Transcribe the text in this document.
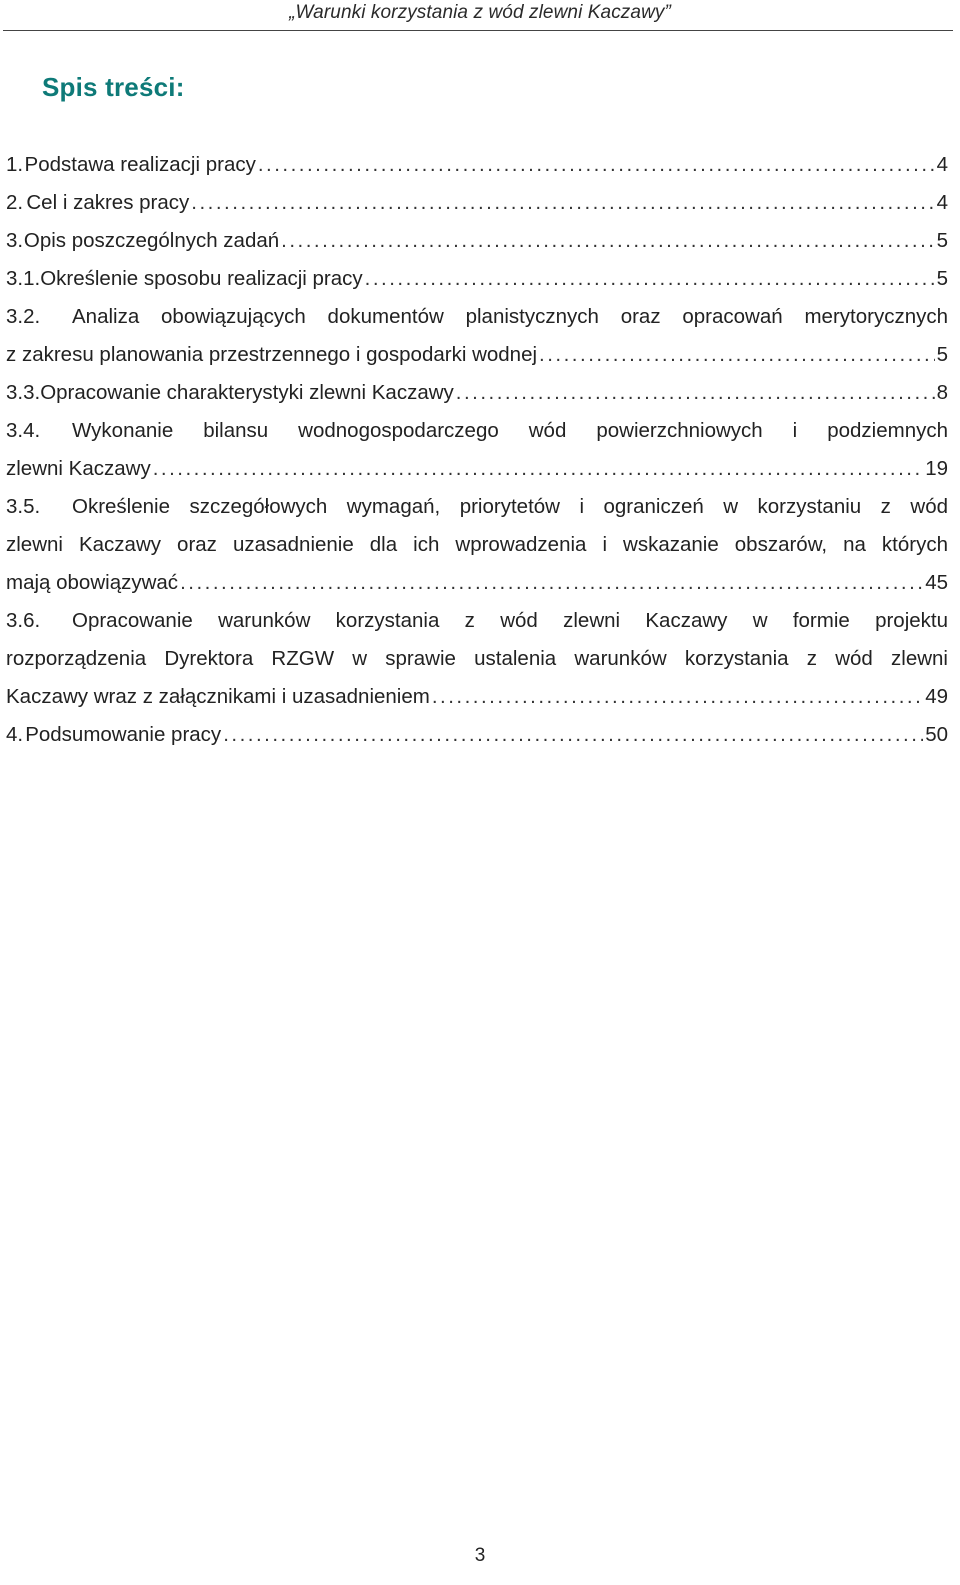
„Warunki korzystania z wód zlewni Kaczawy”
Spis treści:
1. Podstawa realizacji pracy . . .	4
2. Cel i zakres pracy . . .	4
3. Opis poszczególnych zadań . . .	5
3.1. Określenie sposobu realizacji pracy . . .	5
3.2. Analiza obowiązujących dokumentów planistycznych oraz opracowań merytorycznych
z zakresu planowania przestrzennego i gospodarki wodnej . . .	5
3.3. Opracowanie charakterystyki zlewni Kaczawy . . .	8
3.4. Wykonanie bilansu wodnogospodarczego wód powierzchniowych i podziemnych
zlewni Kaczawy . . .	19
3.5. Określenie szczegółowych wymagań, priorytetów i ograniczeń w korzystaniu z wód
zlewni Kaczawy oraz uzasadnienie dla ich wprowadzenia i wskazanie obszarów, na których
mają obowiązywać . . .	45
3.6. Opracowanie warunków korzystania z wód zlewni Kaczawy w formie projektu
rozporządzenia Dyrektora RZGW w sprawie ustalenia warunków korzystania z wód zlewni
Kaczawy wraz z załącznikami i uzasadnieniem . . .	49
4. Podsumowanie pracy . . .	50
3
